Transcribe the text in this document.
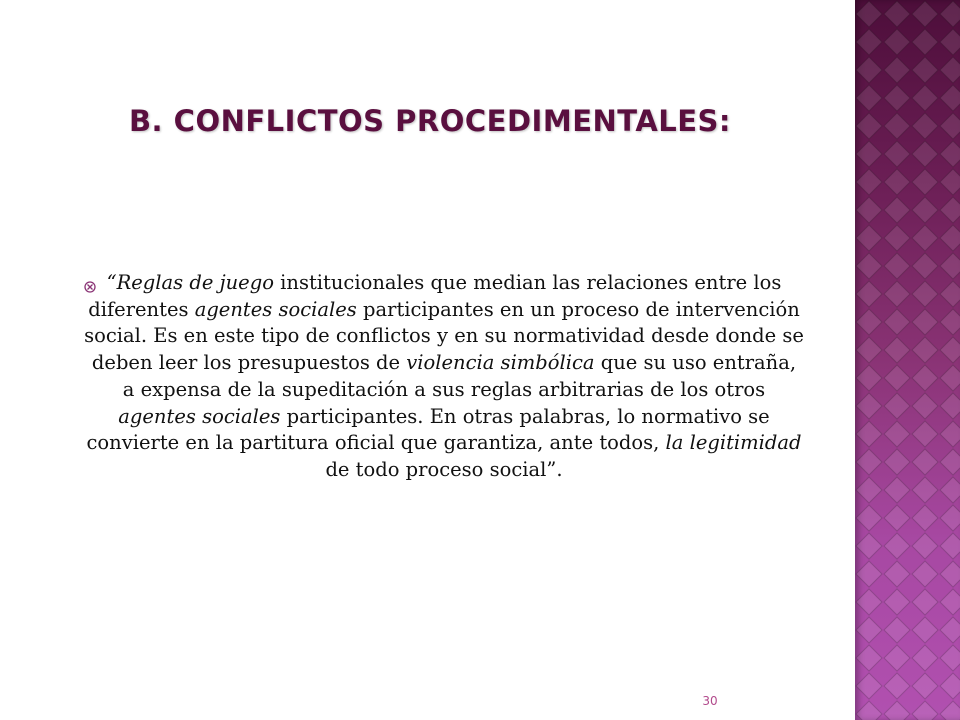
B. CONFLICTOS PROCEDIMENTALES:

“Reglas de juego institucionales que median las relaciones entre los diferentes agentes sociales participantes en un proceso de intervención social. Es en este tipo de conflictos y en su normatividad desde donde se deben leer los presupuestos de violencia simbólica que su uso entraña, a expensa de la supeditación a sus reglas arbitrarias de los otros agentes sociales participantes. En otras palabras, lo normativo se convierte en la partitura oficial que garantiza, ante todos, la legitimidad de todo proceso social”.

30
